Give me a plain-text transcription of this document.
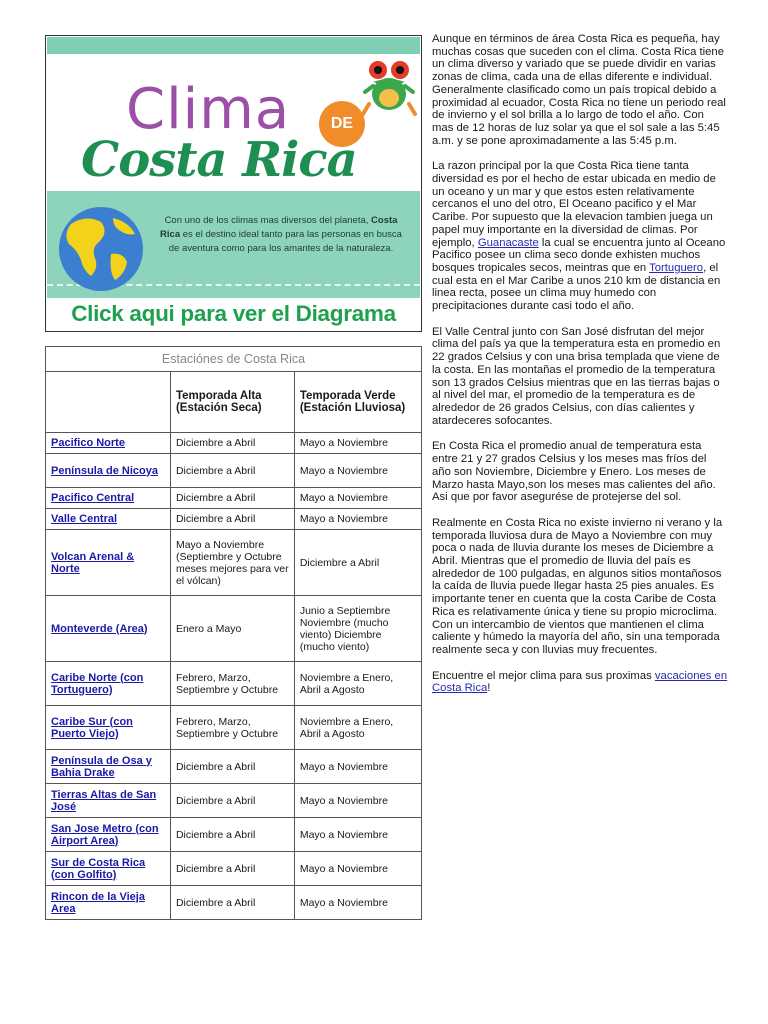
Clima	DE
Costa Rica
Con uno de los climas mas diversos del planeta, Costa Rica es el destino ideal tanto para las personas en busca de aventura como para los amantes de la naturaleza.
Click aqui para ver el Diagrama
Estaciónes de Costa Rica		
	Temporada Alta (Estación Seca)	Temporada Verde (Estación Lluviosa)
Pacifico Norte	Diciembre a Abril	Mayo a Noviembre
Península de Nicoya	Diciembre a Abril	Mayo a Noviembre
Pacifico Central	Diciembre a Abril	Mayo a Noviembre
Valle Central	Diciembre a Abril	Mayo a Noviembre
Volcan Arenal & Norte	Mayo a Noviembre (Septiembre y Octubre meses mejores para ver el vólcan)	Diciembre a Abril
Monteverde (Area)	Enero a Mayo	Junio a Septiembre Noviembre (mucho viento) Diciembre (mucho viento)
Caribe Norte (con Tortuguero)	Febrero, Marzo, Septiembre y Octubre	Noviembre a Enero, Abril a Agosto
Caribe Sur (con Puerto Viejo)	Febrero, Marzo, Septiembre y Octubre	Noviembre a Enero, Abril a Agosto
Península de Osa y Bahia Drake	Diciembre a Abril	Mayo a Noviembre
Tierras Altas de San José	Diciembre a Abril	Mayo a Noviembre
San Jose Metro (con Airport Area)	Diciembre a Abril	Mayo a Noviembre
Sur de Costa Rica (con Golfito)	Diciembre a Abril	Mayo a Noviembre
Rincon de la Vieja Area	Diciembre a Abril	Mayo a Noviembre

Aunque en términos de área Costa Rica es pequeña, hay muchas cosas que suceden con el clima. Costa Rica tiene un clima diverso y variado que se puede dividir en varias zonas de clima, cada una de ellas diferente e individual. Generalmente clasificado como un país tropical debido a proximidad al ecuador, Costa Rica no tiene un periodo real de invierno y el sol brilla a lo largo de todo el año. Con mas de 12 horas de luz solar ya que el sol sale a las 5:45 a.m. y se pone aproximadamente a las 5:45 p.m.

La razon principal por la que Costa Rica tiene tanta diversidad es por el hecho de estar ubicada en medio de un oceano y un mar y que estos esten relativamente cercanos el uno del otro, El Oceano pacifico y el Mar Caribe. Por supuesto que la elevacion tambien juega un papel muy importante en la diversidad de climas. Por ejemplo, Guanacaste la cual se encuentra junto al Oceano Pacifico posee un clima seco donde exhisten muchos bosques tropicales secos, meintras que en Tortuguero, el cual esta en el Mar Caribe a unos 210 km de distancia en linea recta, posee un clima muy humedo con precipitaciones durante casi todo el año.

El Valle Central junto con San José disfrutan del mejor clima del país ya que la temperatura esta en promedio en 22 grados Celsius y con una brisa templada que viene de la costa. En las montañas el promedio de la temperatura son 13 grados Celsius mientras que en las tierras bajas o al nivel del mar, el promedio de la temperatura es de alrededor de 26 grados Celsius, con días calientes y atardeceres sofocantes.

En Costa Rica el promedio anual de temperatura esta entre 21 y 27 grados Celsius y los meses mas fríos del año son Noviembre, Diciembre y Enero. Los meses de Marzo hasta Mayo,son los meses mas calientes del año. Asi que por favor asegurése de protejerse del sol.

Realmente en Costa Rica no existe invierno ni verano y la temporada lluviosa dura de Mayo a Noviembre con muy poca o nada de lluvia durante los meses de Diciembre a Abril. Mientras que el promedio de lluvia del país es alrededor de 100 pulgadas, en algunos sitios montañosos la caída de lluvia puede llegar hasta 25 pies anuales. Es importante tener en cuenta que la costa Caribe de Costa Rica es relativamente única y tiene su propio microclima. Con un intercambio de vientos que mantienen el clima caliente y húmedo la mayoría del año, sin una temporada realmente seca y con lluvias muy frecuentes.

Encuentre el mejor clima para sus proximas vacaciones en Costa Rica!
